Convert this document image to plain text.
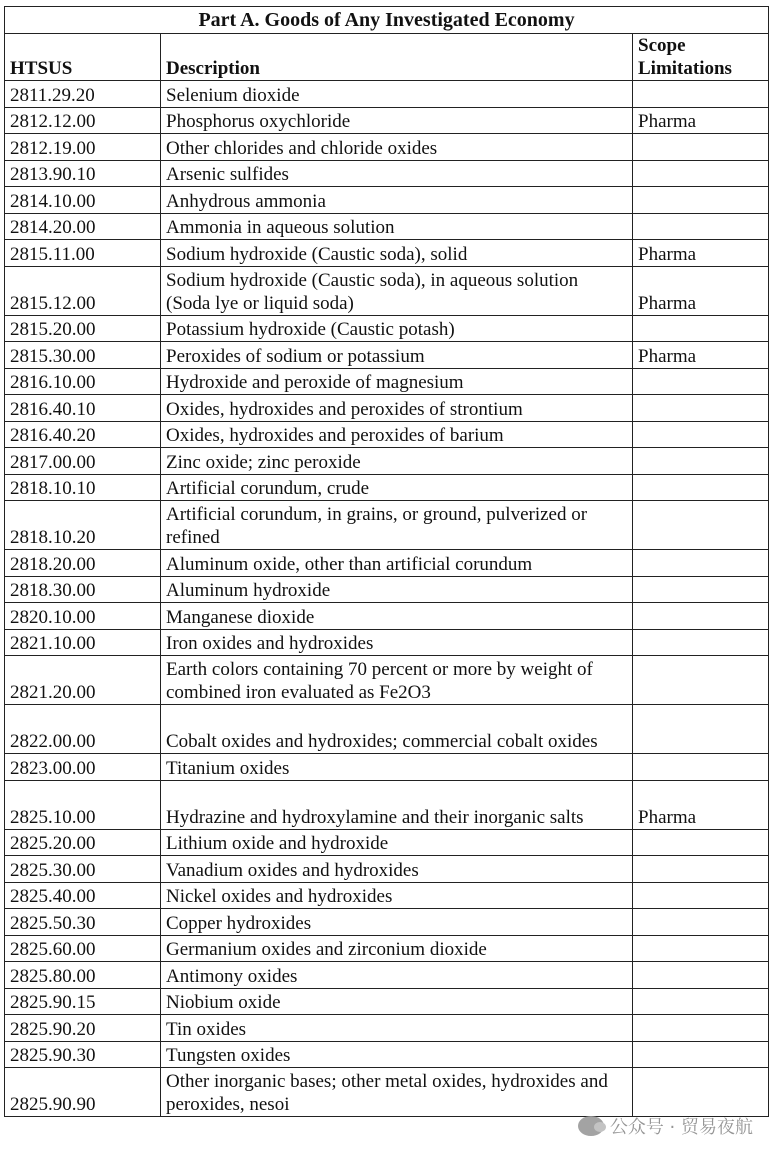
Part A. Goods of Any Investigated Economy		
HTSUS	Description	Scope Limitations
2811.29.20	Selenium dioxide	
2812.12.00	Phosphorus oxychloride	Pharma
2812.19.00	Other chlorides and chloride oxides	
2813.90.10	Arsenic sulfides	
2814.10.00	Anhydrous ammonia	
2814.20.00	Ammonia in aqueous solution	
2815.11.00	Sodium hydroxide (Caustic soda), solid	Pharma
2815.12.00	Sodium hydroxide (Caustic soda), in aqueous solution (Soda lye or liquid soda)	Pharma
2815.20.00	Potassium hydroxide (Caustic potash)	
2815.30.00	Peroxides of sodium or potassium	Pharma
2816.10.00	Hydroxide and peroxide of magnesium	
2816.40.10	Oxides, hydroxides and peroxides of strontium	
2816.40.20	Oxides, hydroxides and peroxides of barium	
2817.00.00	Zinc oxide; zinc peroxide	
2818.10.10	Artificial corundum, crude	
2818.10.20	Artificial corundum, in grains, or ground, pulverized or refined	
2818.20.00	Aluminum oxide, other than artificial corundum	
2818.30.00	Aluminum hydroxide	
2820.10.00	Manganese dioxide	
2821.10.00	Iron oxides and hydroxides	
2821.20.00	Earth colors containing 70 percent or more by weight of combined iron evaluated as Fe2O3	
2822.00.00	Cobalt oxides and hydroxides; commercial cobalt oxides	
2823.00.00	Titanium oxides	
2825.10.00	Hydrazine and hydroxylamine and their inorganic salts	Pharma
2825.20.00	Lithium oxide and hydroxide	
2825.30.00	Vanadium oxides and hydroxides	
2825.40.00	Nickel oxides and hydroxides	
2825.50.30	Copper hydroxides	
2825.60.00	Germanium oxides and zirconium dioxide	
2825.80.00	Antimony oxides	
2825.90.15	Niobium oxide	
2825.90.20	Tin oxides	
2825.90.30	Tungsten oxides	
2825.90.90	Other inorganic bases; other metal oxides, hydroxides and peroxides, nesoi	
公众号 · 贸易夜航
